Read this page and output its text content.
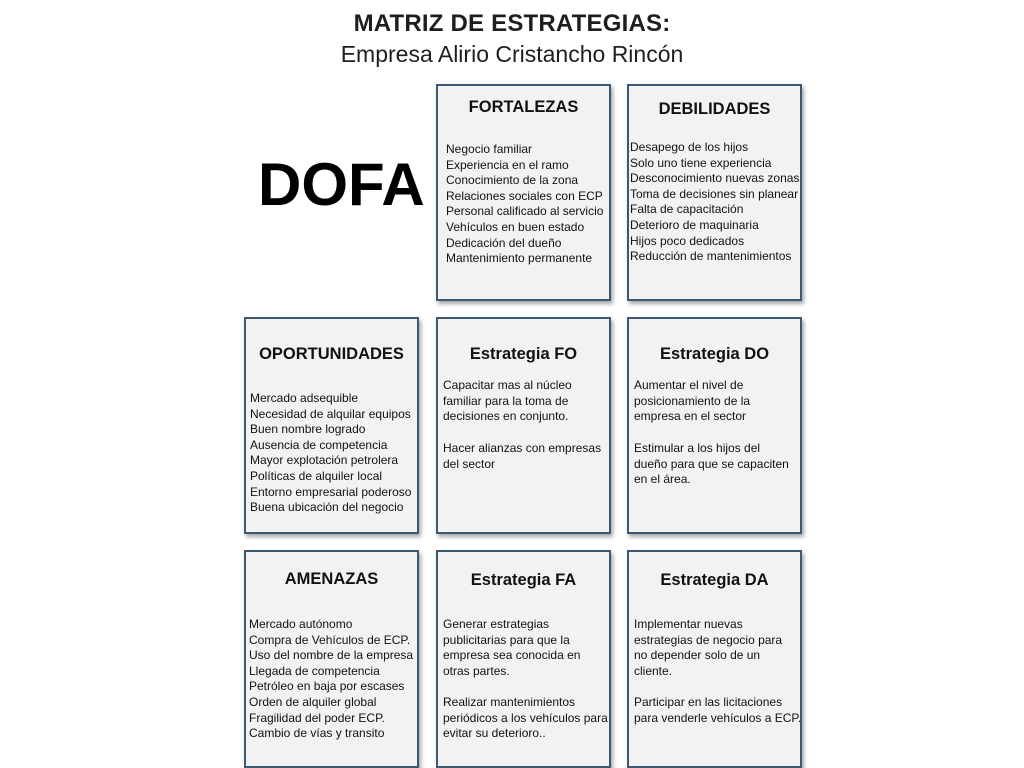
MATRIZ DE ESTRATEGIAS:
Empresa Alirio Cristancho Rincón
DOFA
FORTALEZAS
Negocio familiar
Experiencia en el ramo
Conocimiento de la zona
Relaciones sociales con ECP
Personal calificado al servicio
Vehículos en buen estado
Dedicación del dueño
Mantenimiento permanente
DEBILIDADES
Desapego de los hijos
Solo uno tiene experiencia
Desconocimiento nuevas zonas
Toma de decisiones sin planear
Falta de capacitación
Deterioro de maquinaria
Hijos poco dedicados
Reducción de mantenimientos
OPORTUNIDADES
Mercado adsequible
Necesidad de alquilar equipos
Buen nombre logrado
Ausencia de competencia
Mayor explotación petrolera
Políticas de alquiler local
Entorno empresarial poderoso
Buena ubicación del negocio
Estrategia FO

Capacitar mas al núcleo familiar para la toma de decisiones en conjunto.

Hacer alianzas con empresas del sector

Estrategia DO

Aumentar el nivel de posicionamiento de la empresa en el sector

Estimular a los hijos del dueño para que se capaciten en el área.

AMENAZAS
Mercado autónomo
Compra de Vehículos de ECP.
Uso del nombre de la empresa
Llegada de competencia
Petróleo en baja por escases
Orden de alquiler global
Fragilidad del poder ECP.
Cambio de vías y transito
Estrategia FA

Generar estrategias publicitarias para que la empresa sea conocida en otras partes.

Realizar mantenimientos periódicos a los vehículos para evitar su deterioro..

Estrategia DA

Implementar nuevas estrategias de negocio para no depender solo de un cliente.

Participar en las licitaciones para venderle vehículos a ECP.
